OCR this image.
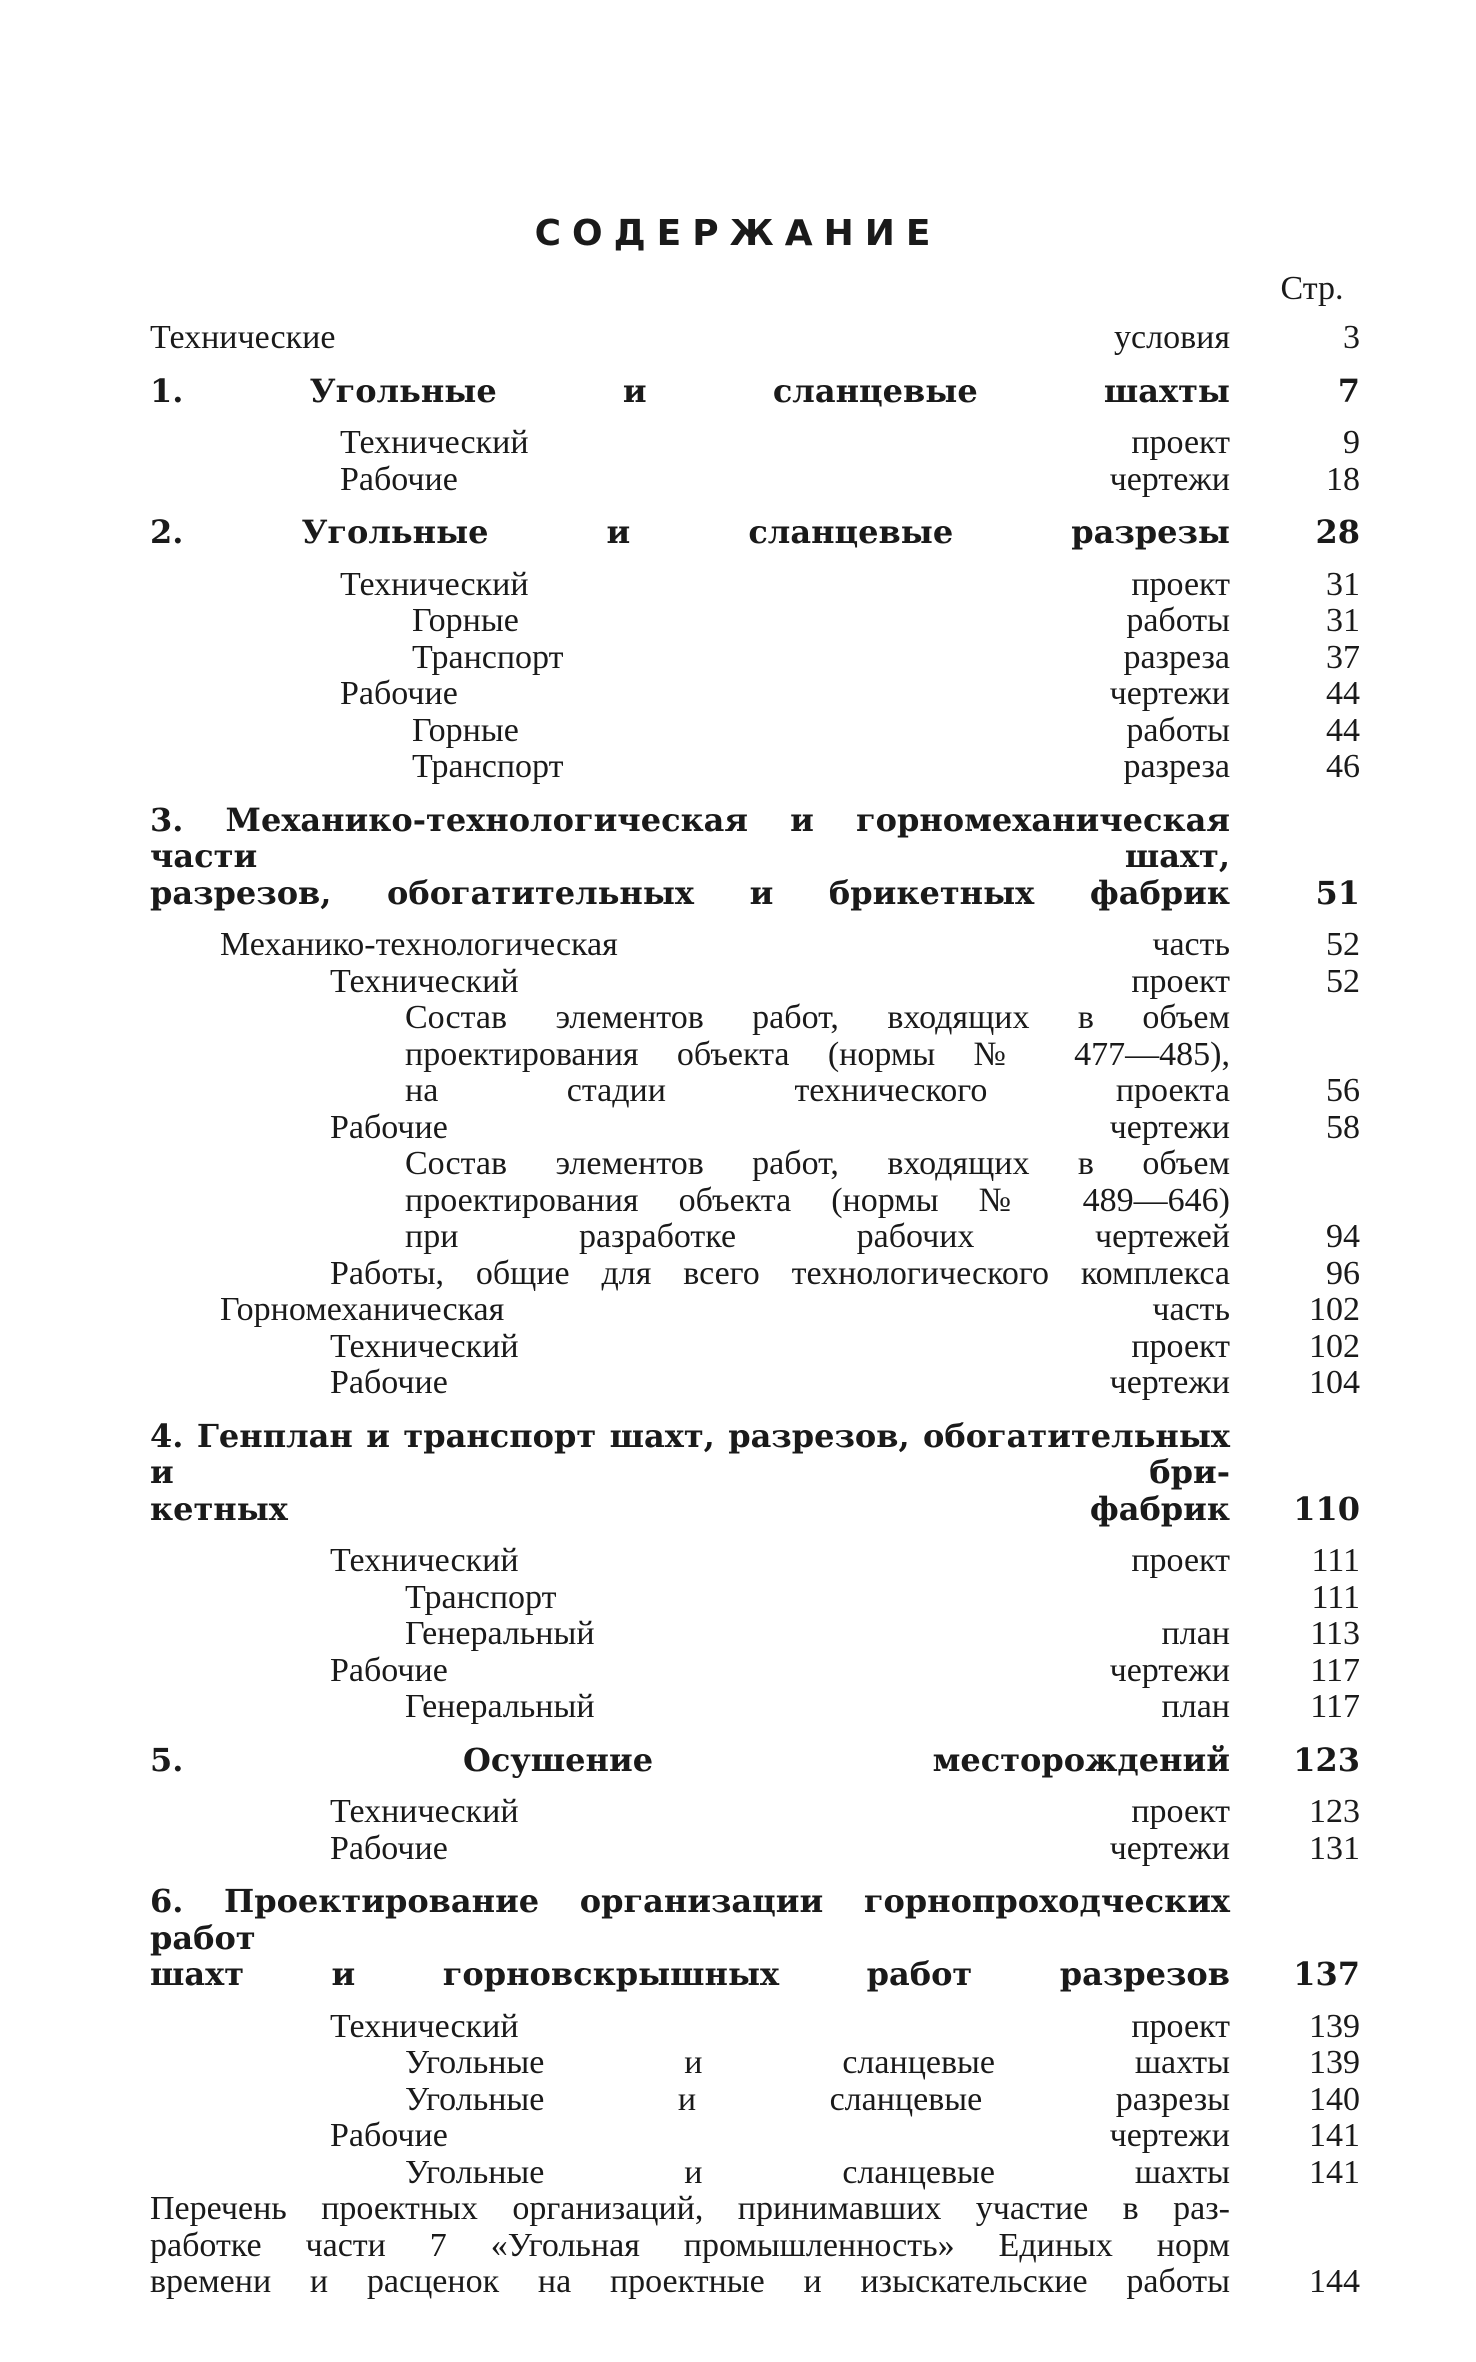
СОДЕРЖАНИЕ
Стр.
Технические условия	3
1. Угольные и сланцевые шахты	7
Технический проект	9
Рабочие чертежи	18
2. Угольные и сланцевые разрезы	28
Технический проект	31
Горные работы	31
Транспорт разреза	37
Рабочие чертежи	44
Горные работы	44
Транспорт разреза	46
3. Механико-технологическая и горномеханическая части шахт,
разрезов, обогатительных и брикетных фабрик	51
Механико-технологическая часть	52
Технический проект	52
Состав элементов работ, входящих в объем
проектирования объекта (нормы № 477—485),
на стадии технического проекта	56
Рабочие чертежи	58
Состав элементов работ, входящих в объем
проектирования объекта (нормы № 489—646)
при разработке рабочих чертежей	94
Работы, общие для всего технологического комплекса	96
Горномеханическая часть	102
Технический проект	102
Рабочие чертежи	104
4. Генплан и транспорт шахт, разрезов, обогатительных и бри-
кетных фабрик	110
Технический проект	111
Транспорт	111
Генеральный план	113
Рабочие чертежи	117
Генеральный план	117
5. Осушение месторождений	123
Технический проект	123
Рабочие чертежи	131
6. Проектирование организации горнопроходческих работ
шахт и горновскрышных работ разрезов	137
Технический проект	139
Угольные и сланцевые шахты	139
Угольные и сланцевые разрезы	140
Рабочие чертежи	141
Угольные и сланцевые шахты	141
Перечень проектных организаций, принимавших участие в раз-
работке части 7 «Угольная промышленность» Единых норм
времени и расценок на проектные и изыскательские работы	144
